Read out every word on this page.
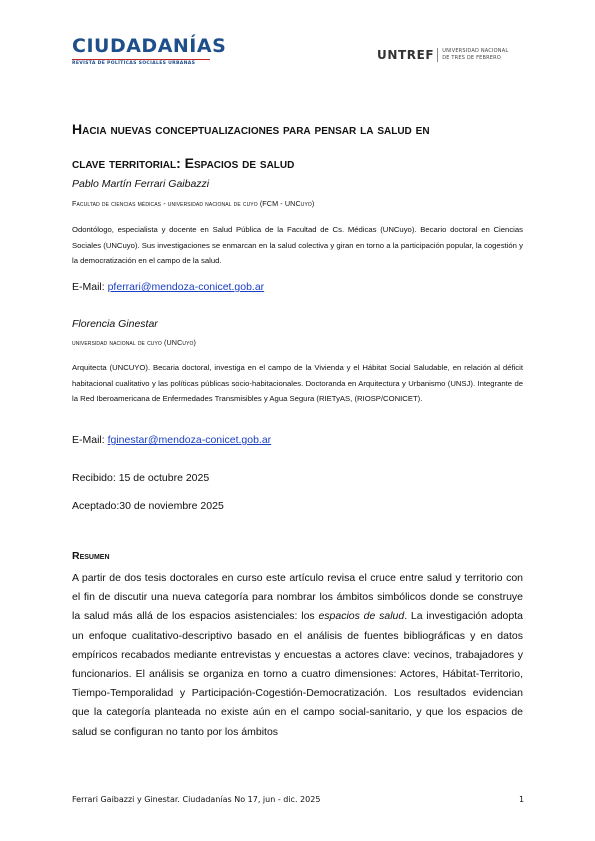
CIUDADANÍAS
REVISTA DE POLÍTICAS SOCIALES URBANAS
UNTREF UNIVERSIDAD NACIONAL
DE TRES DE FEBRERO
Hacia nuevas conceptualizaciones para pensar la salud en
clave territorial: Espacios de salud
Pablo Martín Ferrari Gaibazzi
Facultad de ciencias médicas - universidad nacional de cuyo (FCM - UNCuyo)
Odontólogo, especialista y docente en Salud Pública de la Facultad de Cs. Médicas (UNCuyo). Becario doctoral en Ciencias Sociales (UNCuyo). Sus investigaciones se enmarcan en la salud colectiva y giran en torno a la participación popular, la cogestión y la democratización en el campo de la salud.
E-Mail: pferrari@mendoza-conicet.gob.ar
Florencia Ginestar
universidad nacional de cuyo (UNCuyo)
Arquitecta (UNCUYO). Becaria doctoral, investiga en el campo de la Vivienda y el Hábitat Social Saludable, en relación al déficit habitacional cualitativo y las políticas públicas socio-habitacionales. Doctoranda en Arquitectura y Urbanismo (UNSJ). Integrante de la Red Iberoamericana de Enfermedades Transmisibles y Agua Segura (RIETyAS, (RIOSP/CONICET).
E-Mail: fginestar@mendoza-conicet.gob.ar
Recibido: 15 de octubre 2025
Aceptado:30 de noviembre 2025
Resumen
A partir de dos tesis doctorales en curso este artículo revisa el cruce entre salud y territorio con el fin de discutir una nueva categoría para nombrar los ámbitos simbólicos donde se construye la salud más allá de los espacios asistenciales: los espacios de salud. La investigación adopta un enfoque cualitativo-descriptivo basado en el análisis de fuentes bibliográficas y en datos empíricos recabados mediante entrevistas y encuestas a actores clave: vecinos, trabajadores y funcionarios. El análisis se organiza en torno a cuatro dimensiones: Actores, Hábitat-Territorio, Tiempo-Temporalidad y Participación-Cogestión-Democratización. Los resultados evidencian que la categoría planteada no existe aún en el campo social-sanitario, y que los espacios de salud se configuran no tanto por los ámbitos
Ferrari Gaibazzi y Ginestar. Ciudadanías No 17, jun - dic. 2025	1
